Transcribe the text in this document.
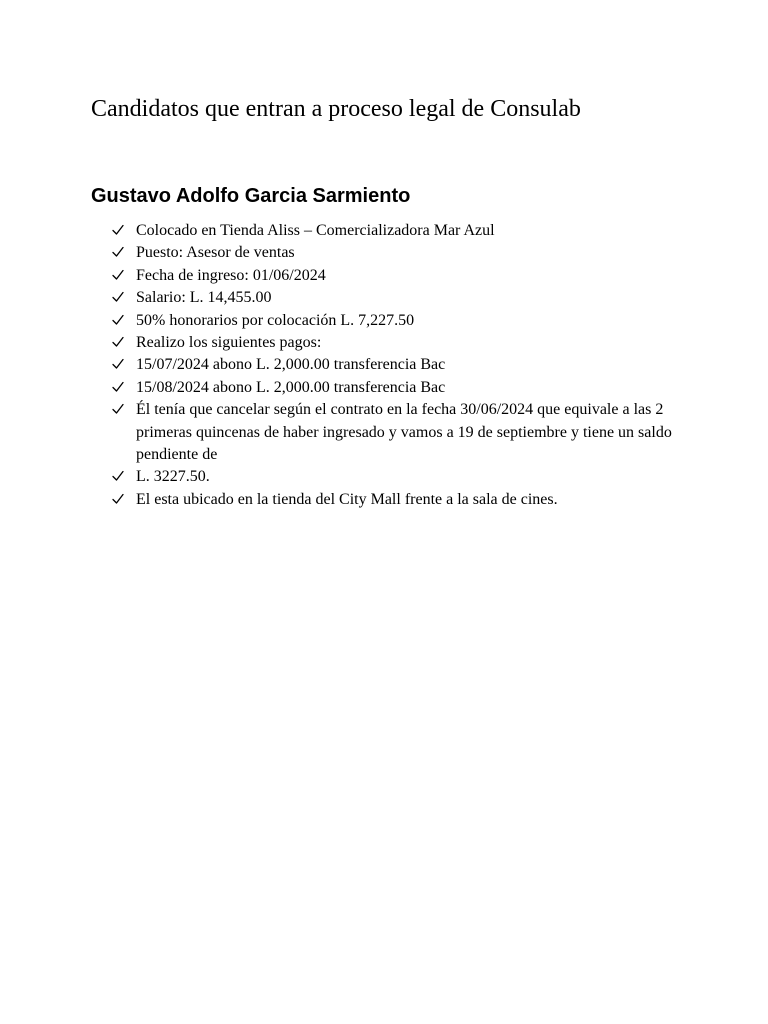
Candidatos que entran a proceso legal de Consulab
Gustavo Adolfo Garcia Sarmiento
Colocado en Tienda Aliss – Comercializadora Mar Azul
Puesto: Asesor de ventas
Fecha de ingreso: 01/06/2024
Salario: L. 14,455.00
50% honorarios por colocación L. 7,227.50
Realizo los siguientes pagos:
15/07/2024 abono L. 2,000.00 transferencia Bac
15/08/2024 abono L. 2,000.00 transferencia Bac
Él tenía que cancelar según el contrato en la fecha 30/06/2024 que equivale a las 2 primeras quincenas de haber ingresado y vamos a 19 de septiembre y tiene un saldo pendiente de
L. 3227.50.
El esta ubicado en la tienda del City Mall frente a la sala de cines.
